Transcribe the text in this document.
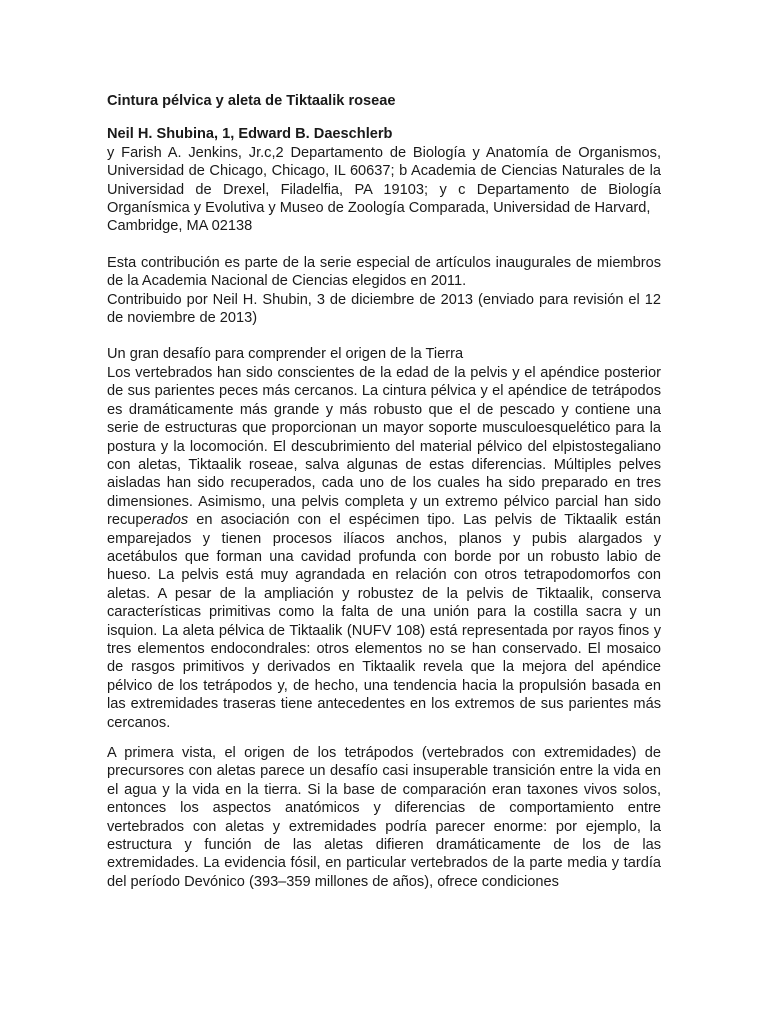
Cintura pélvica y aleta de Tiktaalik roseae

Neil H. Shubina, 1, Edward B. Daeschlerb

y Farish A. Jenkins, Jr.c,2 Departamento de Biología y Anatomía de Organismos, Universidad de Chicago, Chicago, IL 60637; b Academia de Ciencias Naturales de la Universidad de Drexel, Filadelfia, PA 19103; y c Departamento de Biología Organísmica y Evolutiva y Museo de Zoología Comparada, Universidad de Harvard,

Cambridge, MA 02138

Esta contribución es parte de la serie especial de artículos inaugurales de miembros de la Academia Nacional de Ciencias elegidos en 2011.

Contribuido por Neil H. Shubin, 3 de diciembre de 2013 (enviado para revisión el 12 de noviembre de 2013)

Un gran desafío para comprender el origen de la Tierra

Los vertebrados han sido conscientes de la edad de la pelvis y el apéndice posterior de sus parientes peces más cercanos. La cintura pélvica y el apéndice de tetrápodos es dramáticamente más grande y más robusto que el de pescado y contiene una serie de estructuras que proporcionan un mayor soporte musculoesquelético para la postura y la locomoción. El descubrimiento del material pélvico del elpistostegaliano con aletas, Tiktaalik roseae, salva algunas de estas diferencias. Múltiples pelves aisladas han sido recuperados, cada uno de los cuales ha sido preparado en tres dimensiones. Asimismo, una pelvis completa y un extremo pélvico parcial han sido recuperados en asociación con el espécimen tipo. Las pelvis de Tiktaalik están emparejados y tienen procesos ilíacos anchos, planos y pubis alargados y acetábulos que forman una cavidad profunda con borde por un robusto labio de hueso. La pelvis está muy agrandada en relación con otros tetrapodomorfos con aletas. A pesar de la ampliación y robustez de la pelvis de Tiktaalik, conserva características primitivas como la falta de una unión para la costilla sacra y un isquion. La aleta pélvica de Tiktaalik (NUFV 108) está representada por rayos finos y tres elementos endocondrales: otros elementos no se han conservado. El mosaico de rasgos primitivos y derivados en Tiktaalik revela que la mejora del apéndice pélvico de los tetrápodos y, de hecho, una tendencia hacia la propulsión basada en las extremidades traseras tiene antecedentes en los extremos de sus parientes más cercanos.

A primera vista, el origen de los tetrápodos (vertebrados con extremidades) de precursores con aletas parece un desafío casi insuperable transición entre la vida en el agua y la vida en la tierra. Si la base de comparación eran taxones vivos solos, entonces los aspectos anatómicos y diferencias de comportamiento entre vertebrados con aletas y extremidades podría parecer enorme: por ejemplo, la estructura y función de las aletas difieren dramáticamente de los de las extremidades. La evidencia fósil, en particular vertebrados de la parte media y tardía del período Devónico (393–359 millones de años), ofrece condiciones
